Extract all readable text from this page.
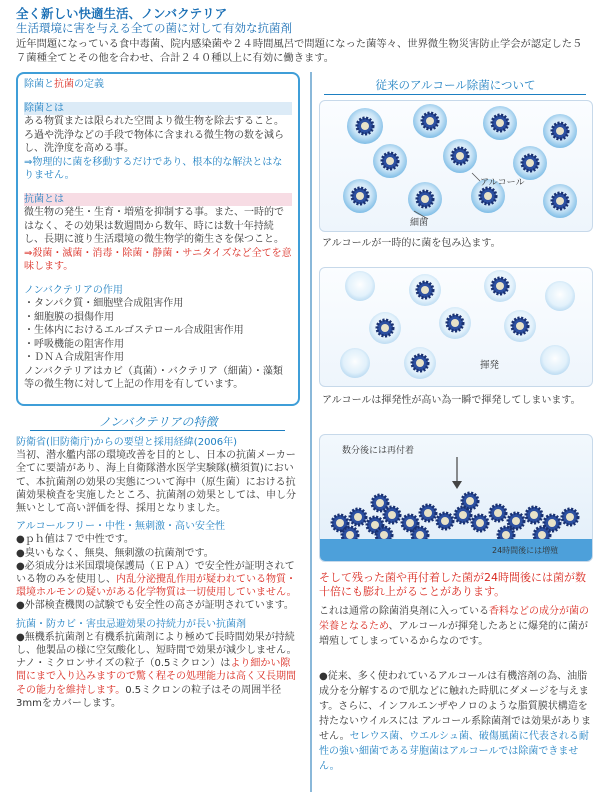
全く新しい快適生活、ノンバクテリア
生活環境に害を与える全ての菌に対して有効な抗菌剤
近年問題になっている食中毒菌、院内感染菌や２４時間風呂で問題になった菌等々、世界微生物災害防止学会が認定した５７菌種全てとその他を合わせ、合計２４０種以上に有効に働きます。

除菌と抗菌の定義

除菌とは

ある物質または限られた空間より微生物を除去すること。ろ過や洗浄などの手段で物体に含まれる微生物の数を減らし、洗浄度を高める事。

⇒物理的に菌を移動するだけであり、根本的な解決とはなりません。

抗菌とは

微生物の発生・生育・増殖を抑制する事。また、一時的ではなく、その効果は数週間から数年、時には数十年持続し、長期に渡り生活環境の微生物学的衛生さを保つこと。

⇒殺菌・滅菌・消毒・除菌・静菌・サニタイズなど全てを意味します。

ノンバクテリアの作用

・タンパク質・細胞壁合成阻害作用

・細胞膜の損傷作用

・生体内におけるエルゴステロール合成阻害作用

・呼吸機能の阻害作用

・ＤＮＡ合成阻害作用

ノンバクテリアはカビ（真菌）・バクテリア（細菌）・藻類等の微生物に対して上記の作用を有しています。

ノンバクテリアの特徴

防衛省(旧防衛庁)からの要望と採用経緯(2006年)

当初、潜水艦内部の環境改善を目的とし、日本の抗菌メーカー全てに要請があり、海上自衛隊潜水医学実験隊(横須賀)において、本抗菌剤の効果の実態について海中（原生菌）における抗菌効果検査を実施したところ、抗菌剤の効果としては、申し分無いとして高い評価を得、採用となりました。

アルコールフリー・中性・無刺激・高い安全性

●ｐｈ値は７で中性です。

●臭いもなく、無臭、無刺激の抗菌剤です。

●必須成分は米国環境保護局（ＥＰＡ）で安全性が証明されている物のみを使用し、内乱分泌攪乱作用が疑われている物質・環境ホルモンの疑いがある化学物質は一切使用していません。

●外部検査機関の試験でも安全性の高さが証明されています。

抗菌・防カビ・害虫忌避効果の持続力が長い抗菌剤

●無機系抗菌剤と有機系抗菌剤により極めて長時間効果が持続し、他製品の様に空気酸化し、短時間で効果が減少しません。

ナノ・ミクロンサイズの粒子（0.5ミクロン）はより細かい隙間にまで入り込みますので驚く程その処理能力は高く又長期間その能力を維持します。0.5ミクロンの粒子はその周囲半径3mmをカバーします。

従来のアルコール除菌について
アルコール
細菌
アルコールが一時的に菌を包み込ます。
揮発
アルコールは揮発性が高い為一瞬で揮発してしまいます。
数分後には再付着
24時間後には増殖
そして残った菌や再付着した菌が24時間後には菌が数十倍にも膨れ上がることがあります。
これは通常の除菌消臭剤に入っている香料などの成分が菌の栄養となるため、アルコールが揮発したあとに爆発的に菌が増殖してしまっているからなのです。
●従来、多く使われているアルコールは有機溶剤の為、油脂成分を分解するので肌などに触れた時肌にダメージを与えます。さらに、インフルエンザやノロのような脂質膜状構造を持たないウイルスには アルコール系除菌剤では効果がありません。セレウス菌、ウエルシュ菌、破傷風菌に代表される耐性の強い細菌である芽胞菌はアルコールでは除菌できません。
